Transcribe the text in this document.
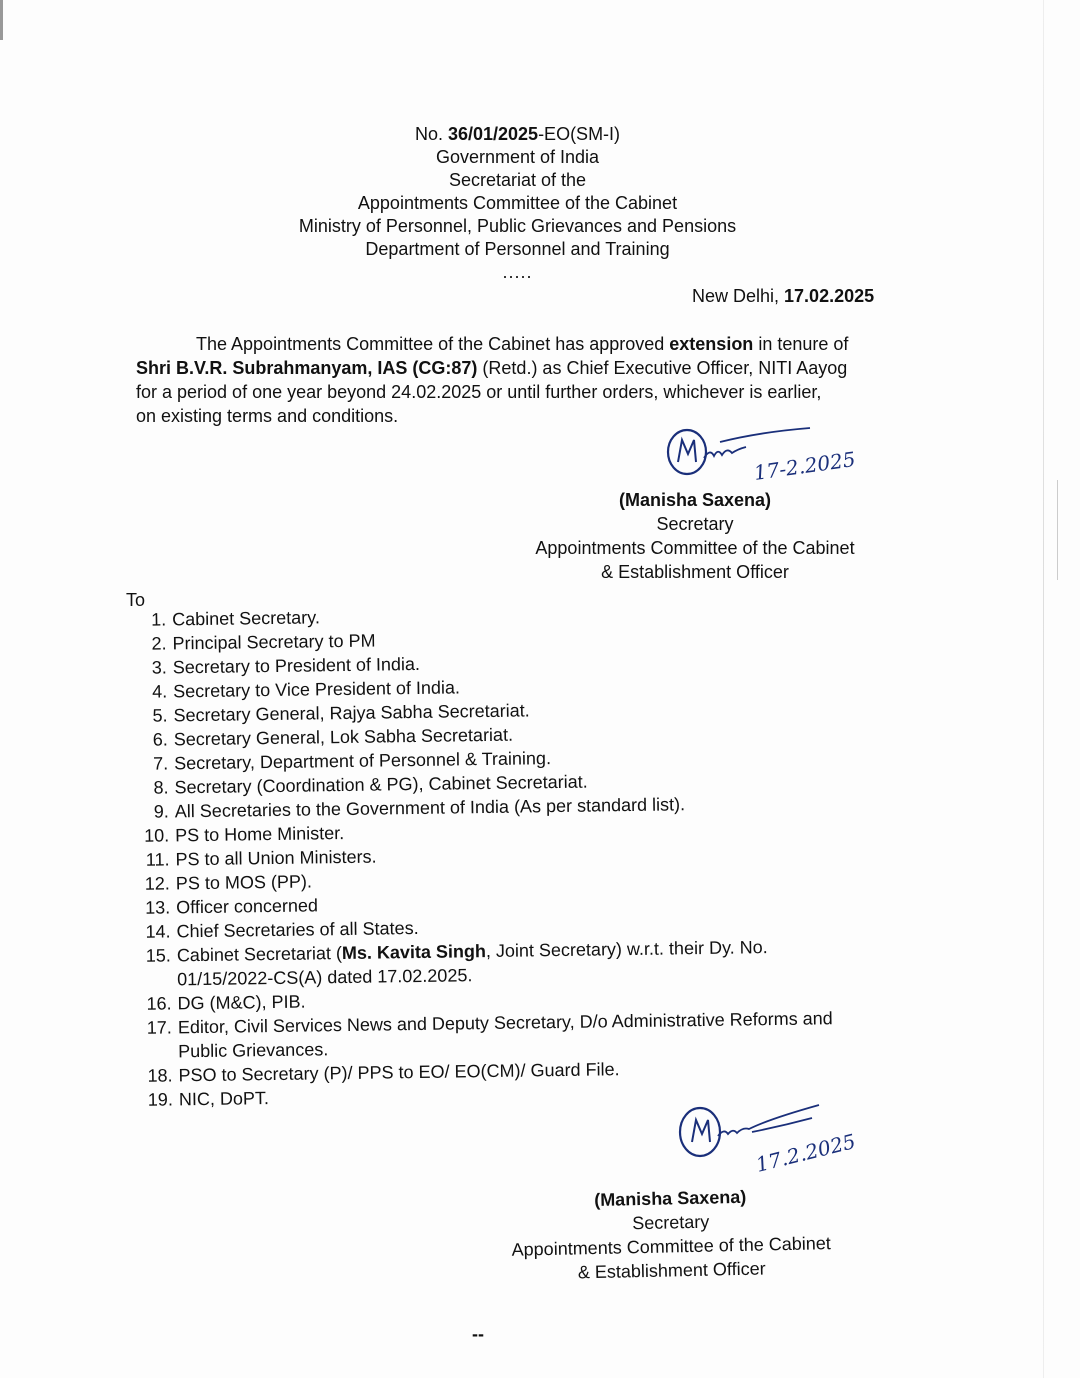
No. 36/01/2025-EO(SM-I)
Government of India
Secretariat of the
Appointments Committee of the Cabinet
Ministry of Personnel, Public Grievances and Pensions
Department of Personnel and Training
.....
New Delhi, 17.02.2025
The Appointments Committee of the Cabinet has approved extension in tenure of
Shri B.V.R. Subrahmanyam, IAS (CG:87) (Retd.) as Chief Executive Officer, NITI Aayog
for a period of one year beyond 24.02.2025 or until further orders, whichever is earlier,
on existing terms and conditions.
17-2.2025
(Manisha Saxena)
Secretary
Appointments Committee of the Cabinet
& Establishment Officer
To
1. Cabinet Secretary.
2. Principal Secretary to PM
3. Secretary to President of India.
4. Secretary to Vice President of India.
5. Secretary General, Rajya Sabha Secretariat.
6. Secretary General, Lok Sabha Secretariat.
7. Secretary, Department of Personnel & Training.
8. Secretary (Coordination & PG), Cabinet Secretariat.
9. All Secretaries to the Government of India (As per standard list).
10. PS to Home Minister.
11. PS to all Union Ministers.
12. PS to MOS (PP).
13. Officer concerned
14. Chief Secretaries of all States.
15. Cabinet Secretariat (Ms. Kavita Singh, Joint Secretary) w.r.t. their Dy. No.
01/15/2022-CS(A) dated 17.02.2025.
16. DG (M&C), PIB.
17. Editor, Civil Services News and Deputy Secretary, D/o Administrative Reforms and
Public Grievances.
18. PSO to Secretary (P)/ PPS to EO/ EO(CM)/ Guard File.
19. NIC, DoPT.
17.2.2025
(Manisha Saxena)
Secretary
Appointments Committee of the Cabinet
& Establishment Officer
--
